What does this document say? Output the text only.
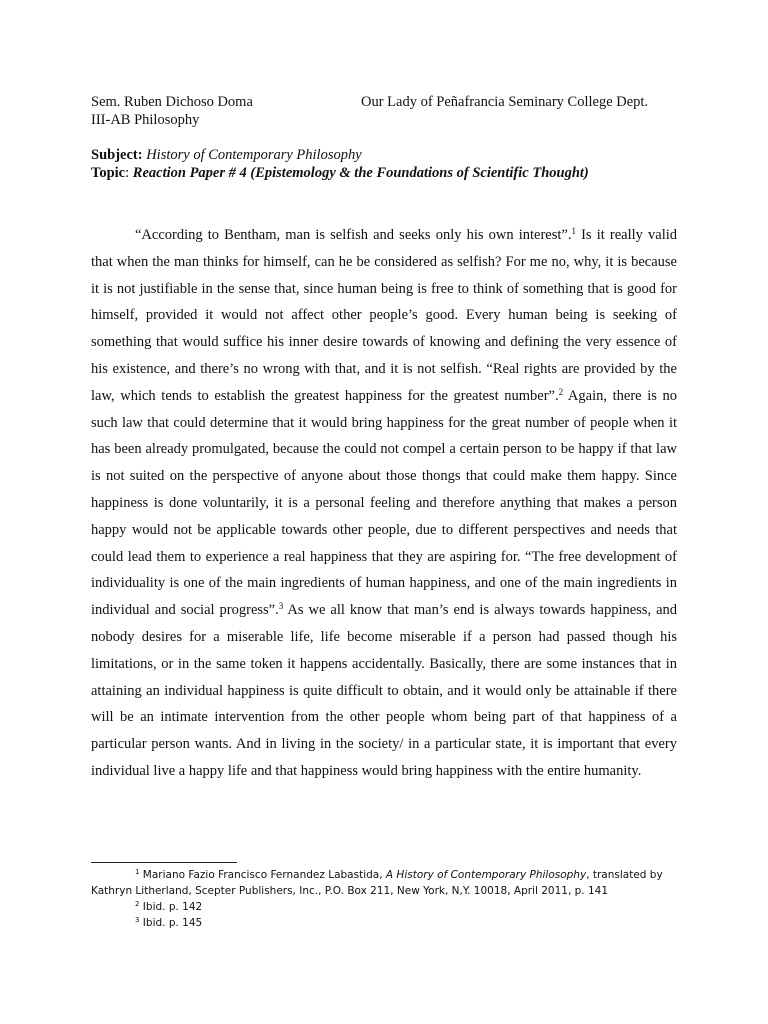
Sem. Ruben Dichoso Doma	Our Lady of Peñafrancia Seminary College Dept.
III-AB Philosophy
Subject: History of Contemporary Philosophy
Topic: Reaction Paper # 4 (Epistemology & the Foundations of Scientific Thought)

“According to Bentham, man is selfish and seeks only his own interest”.$^1$ Is it really valid that when the man thinks for himself, can he be considered as selfish? For me no, why, it is because it is not justifiable in the sense that, since human being is free to think of something that is good for himself, provided it would not affect other people’s good. Every human being is seeking of something that would suffice his inner desire towards of knowing and defining the very essence of his existence, and there’s no wrong with that, and it is not selfish. “Real rights are provided by the law, which tends to establish the greatest happiness for the greatest number”.$^2$ Again, there is no such law that could determine that it would bring happiness for the great number of people when it has been already promulgated, because the could not compel a certain person to be happy if that law is not suited on the perspective of anyone about those thongs that could make them happy. Since happiness is done voluntarily, it is a personal feeling and therefore anything that makes a person happy would not be applicable towards other people, due to different perspectives and needs that could lead them to experience a real happiness that they are aspiring for. “The free development of individuality is one of the main ingredients of human happiness, and one of the main ingredients in individual and social progress”.$^3$ As we all know that man’s end is always towards happiness, and nobody desires for a miserable life, life become miserable if a person had passed though his limitations, or in the same token it happens accidentally. Basically, there are some instances that in attaining an individual happiness is quite difficult to obtain, and it would only be attainable if there will be an intimate intervention from the other people whom being part of that happiness of a particular person wants. And in living in the society/ in a particular state, it is important that every individual live a happy life and that happiness would bring happiness with the entire humanity.

$^1$ Mariano Fazio Francisco Fernandez Labastida, A History of Contemporary Philosophy, translated by Kathryn Litherland, Scepter Publishers, Inc., P.O. Box 211, New York, N,Y. 10018, April 2011, p. 141

$^2$ Ibid. p. 142

$^3$ Ibid. p. 145
